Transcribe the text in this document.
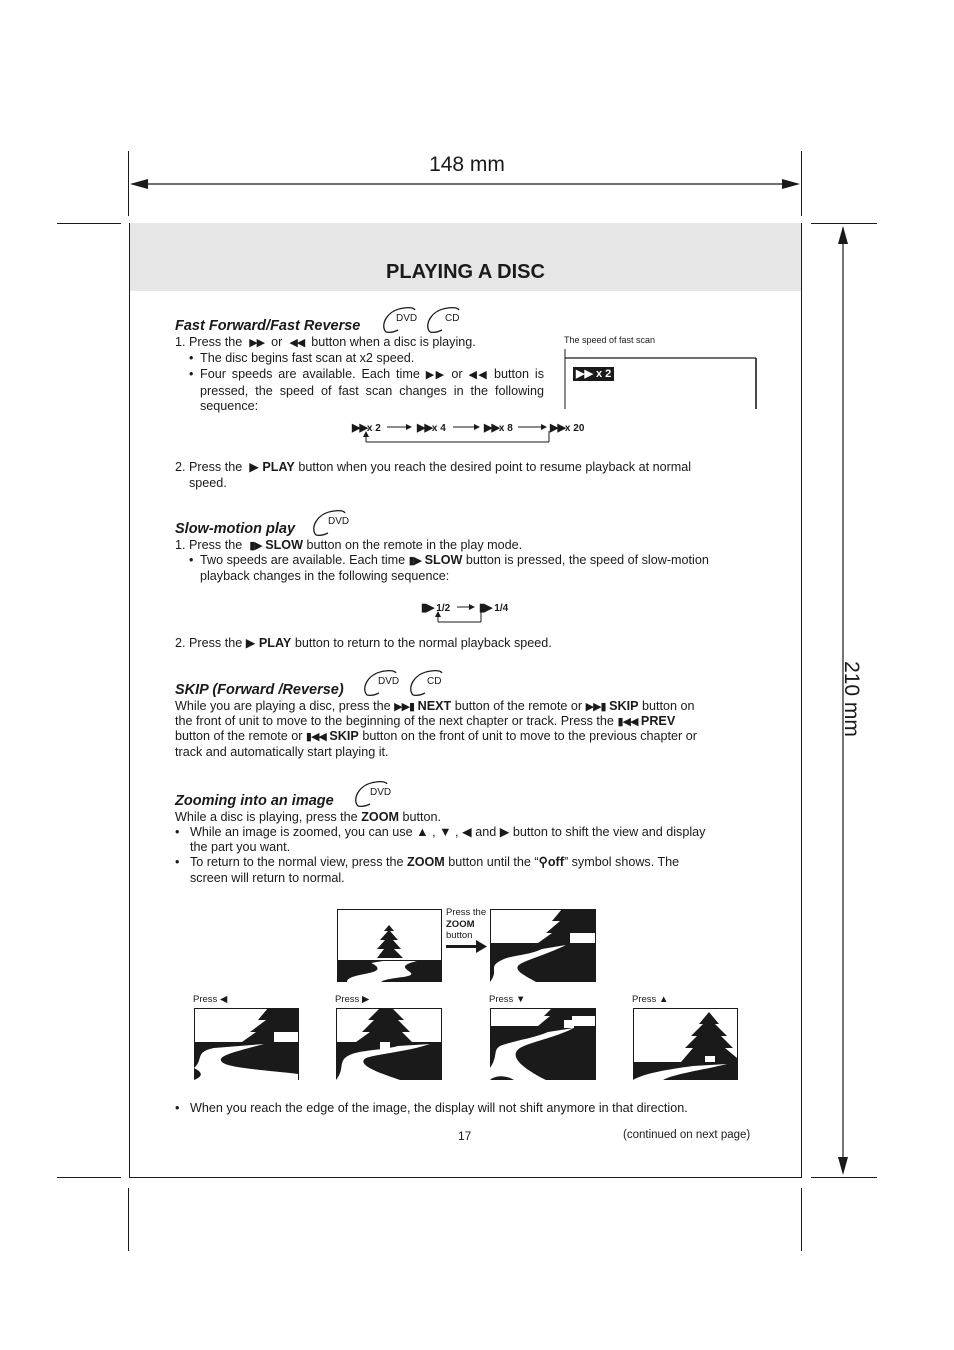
148 mm
210 mm
PLAYING A DISC
Fast Forward/Fast Reverse	DVD	CD
1. Press the ▶▶ or ◀◀ button when a disc is playing.
• The disc begins fast scan at x2 speed.
• Four speeds are available. Each time ▶▶ or ◀◀ button is pressed, the speed of fast scan changes in the following sequence:
The speed of fast scan
▶▶ x 2
▶▶x 2	▶▶x 4	▶▶x 8	▶▶x 20
2. Press the ▶ PLAY button when you reach the desired point to resume playback at normal
speed.
Slow-motion play	DVD
1. Press the ▮▶ SLOW button on the remote in the play mode.
• Two speeds are available. Each time ▮▶ SLOW button is pressed, the speed of slow-motion
playback changes in the following sequence:
▮▶ 1/2	▮▶ 1/4
2. Press the ▶ PLAY button to return to the normal playback speed.
SKIP (Forward /Reverse)
DVD	CD
While you are playing a disc, press the ▶▶▮ NEXT button of the remote or ▶▶▮ SKIP button on
the front of unit to move to the beginning of the next chapter or track. Press the ▮◀◀ PREV
button of the remote or ▮◀◀ SKIP button on the front of unit to move to the previous chapter or
track and automatically start playing it.
Zooming into an image
DVD
While a disc is playing, press the ZOOM button.
• While an image is zoomed, you can use ▲ , ▼ , ◀ and ▶ button to shift the view and display
the part you want.
• To return to the normal view, press the ZOOM button until the “⚲off” symbol shows. The
screen will return to normal.
Press the
ZOOM
button
Press ◀	Press ▶	Press ▼	Press ▲
• When you reach the edge of the image, the display will not shift anymore in that direction.
17	(continued on next page)
